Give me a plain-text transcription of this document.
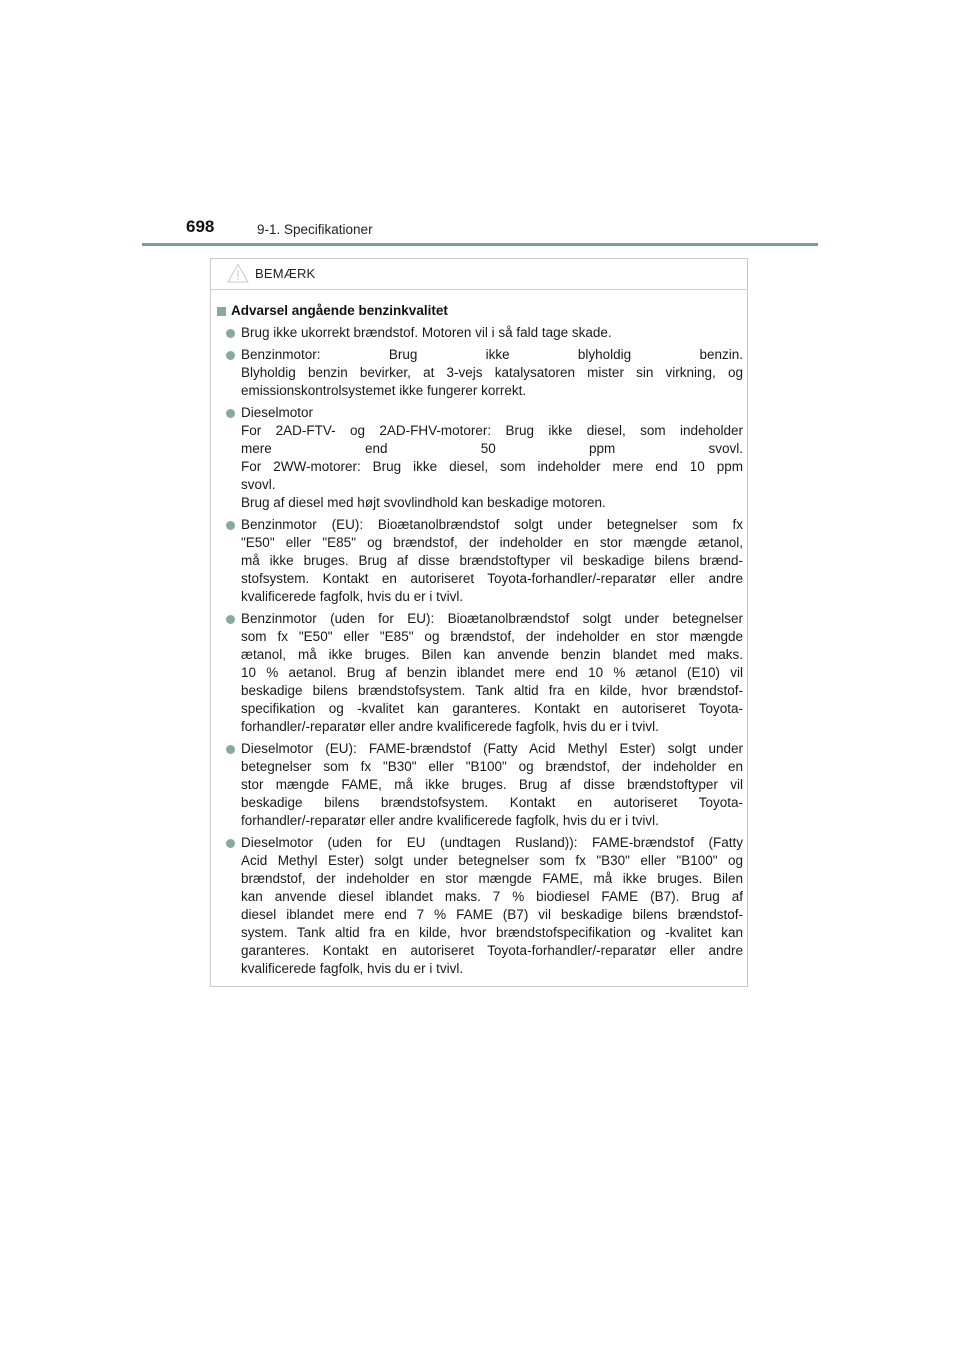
698	9-1. Specifikationer
BEMÆRK
Advarsel angående benzinkvalitet
Brug ikke ukorrekt brændstof. Motoren vil i så fald tage skade.
Benzinmotor: Brug ikke blyholdig benzin.
Blyholdig benzin bevirker, at 3-vejs katalysatoren mister sin virkning, og
emissionskontrolsystemet ikke fungerer korrekt.
Dieselmotor
For 2AD-FTV- og 2AD-FHV-motorer: Brug ikke diesel, som indeholder
mere end 50 ppm svovl.
For 2WW-motorer: Brug ikke diesel, som indeholder mere end 10 ppm
svovl.
Brug af diesel med højt svovlindhold kan beskadige motoren.
Benzinmotor (EU): Bioætanolbrændstof solgt under betegnelser som fx
"E50" eller "E85" og brændstof, der indeholder en stor mængde ætanol,
må ikke bruges. Brug af disse brændstoftyper vil beskadige bilens brænd-
stofsystem. Kontakt en autoriseret Toyota-forhandler/-reparatør eller andre
kvalificerede fagfolk, hvis du er i tvivl.
Benzinmotor (uden for EU): Bioætanolbrændstof solgt under betegnelser
som fx "E50" eller "E85" og brændstof, der indeholder en stor mængde
ætanol, må ikke bruges. Bilen kan anvende benzin blandet med maks.
10 % aetanol. Brug af benzin iblandet mere end 10 % ætanol (E10) vil
beskadige bilens brændstofsystem. Tank altid fra en kilde, hvor brændstof-
specifikation og -kvalitet kan garanteres. Kontakt en autoriseret Toyota-
forhandler/-reparatør eller andre kvalificerede fagfolk, hvis du er i tvivl.
Dieselmotor (EU): FAME-brændstof (Fatty Acid Methyl Ester) solgt under
betegnelser som fx "B30" eller "B100" og brændstof, der indeholder en
stor mængde FAME, må ikke bruges. Brug af disse brændstoftyper vil
beskadige bilens brændstofsystem. Kontakt en autoriseret Toyota-
forhandler/-reparatør eller andre kvalificerede fagfolk, hvis du er i tvivl.
Dieselmotor (uden for EU (undtagen Rusland)): FAME-brændstof (Fatty
Acid Methyl Ester) solgt under betegnelser som fx "B30" eller "B100" og
brændstof, der indeholder en stor mængde FAME, må ikke bruges. Bilen
kan anvende diesel iblandet maks. 7 % biodiesel FAME (B7). Brug af
diesel iblandet mere end 7 % FAME (B7) vil beskadige bilens brændstof-
system. Tank altid fra en kilde, hvor brændstofspecifikation og -kvalitet kan
garanteres. Kontakt en autoriseret Toyota-forhandler/-reparatør eller andre
kvalificerede fagfolk, hvis du er i tvivl.
